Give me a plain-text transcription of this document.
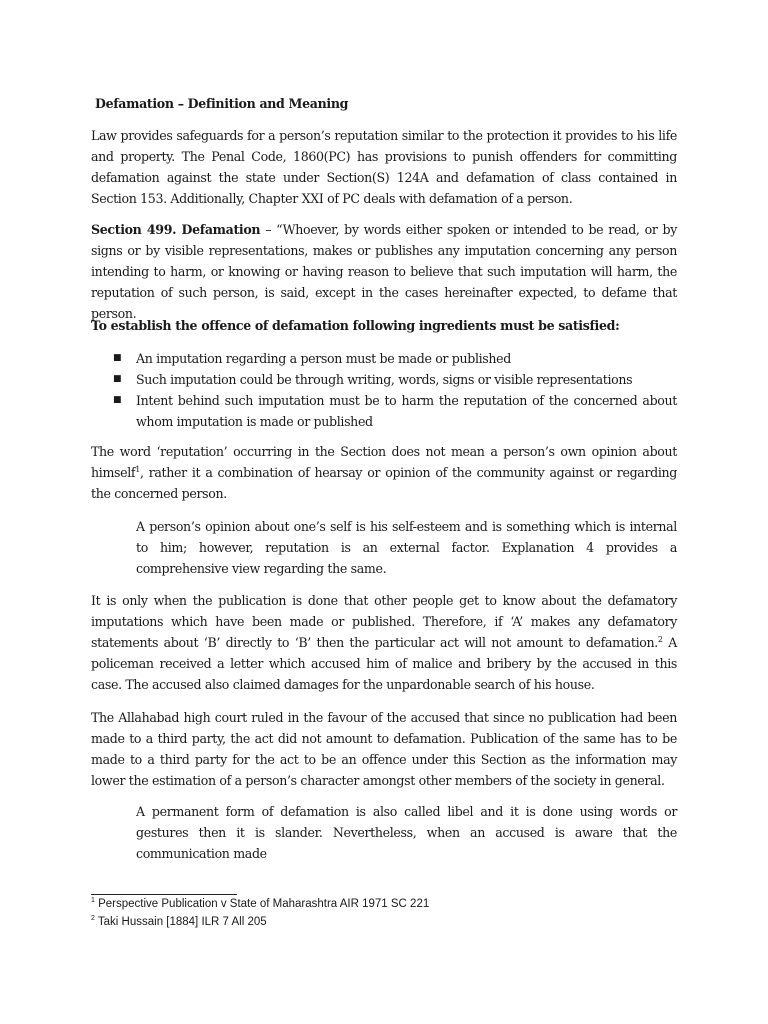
Defamation – Definition and Meaning
Law provides safeguards for a person’s reputation similar to the protection it provides to his life and property. The Penal Code, 1860(PC) has provisions to punish offenders for committing defamation against the state under Section(S) 124A and defamation of class contained in Section 153. Additionally, Chapter XXI of PC deals with defamation of a person.
Section 499. Defamation – “Whoever, by words either spoken or intended to be read, or by signs or by visible representations, makes or publishes any imputation concerning any person intending to harm, or knowing or having reason to believe that such imputation will harm, the reputation of such person, is said, except in the cases hereinafter expected, to defame that person.
To establish the offence of defamation following ingredients must be satisfied:
■ An imputation regarding a person must be made or published
■ Such imputation could be through writing, words, signs or visible representations
■ Intent behind such imputation must be to harm the reputation of the concerned about whom imputation is made or published
The word ‘reputation’ occurring in the Section does not mean a person’s own opinion about himself$^1$, rather it a combination of hearsay or opinion of the community against or regarding the concerned person.
A person’s opinion about one’s self is his self-esteem and is something which is internal to him; however, reputation is an external factor. Explanation 4 provides a comprehensive view regarding the same.
It is only when the publication is done that other people get to know about the defamatory imputations which have been made or published. Therefore, if ‘A’ makes any defamatory statements about ‘B’ directly to ‘B’ then the particular act will not amount to defamation.$^2$ A policeman received a letter which accused him of malice and bribery by the accused in this case. The accused also claimed damages for the unpardonable search of his house.
The Allahabad high court ruled in the favour of the accused that since no publication had been made to a third party, the act did not amount to defamation. Publication of the same has to be made to a third party for the act to be an offence under this Section as the information may lower the estimation of a person’s character amongst other members of the society in general.
A permanent form of defamation is also called libel and it is done using words or gestures then it is slander. Nevertheless, when an accused is aware that the communication made
$^1$ Perspective Publication v State of Maharashtra AIR 1971 SC 221
$^2$ Taki Hussain [1884] ILR 7 All 205
